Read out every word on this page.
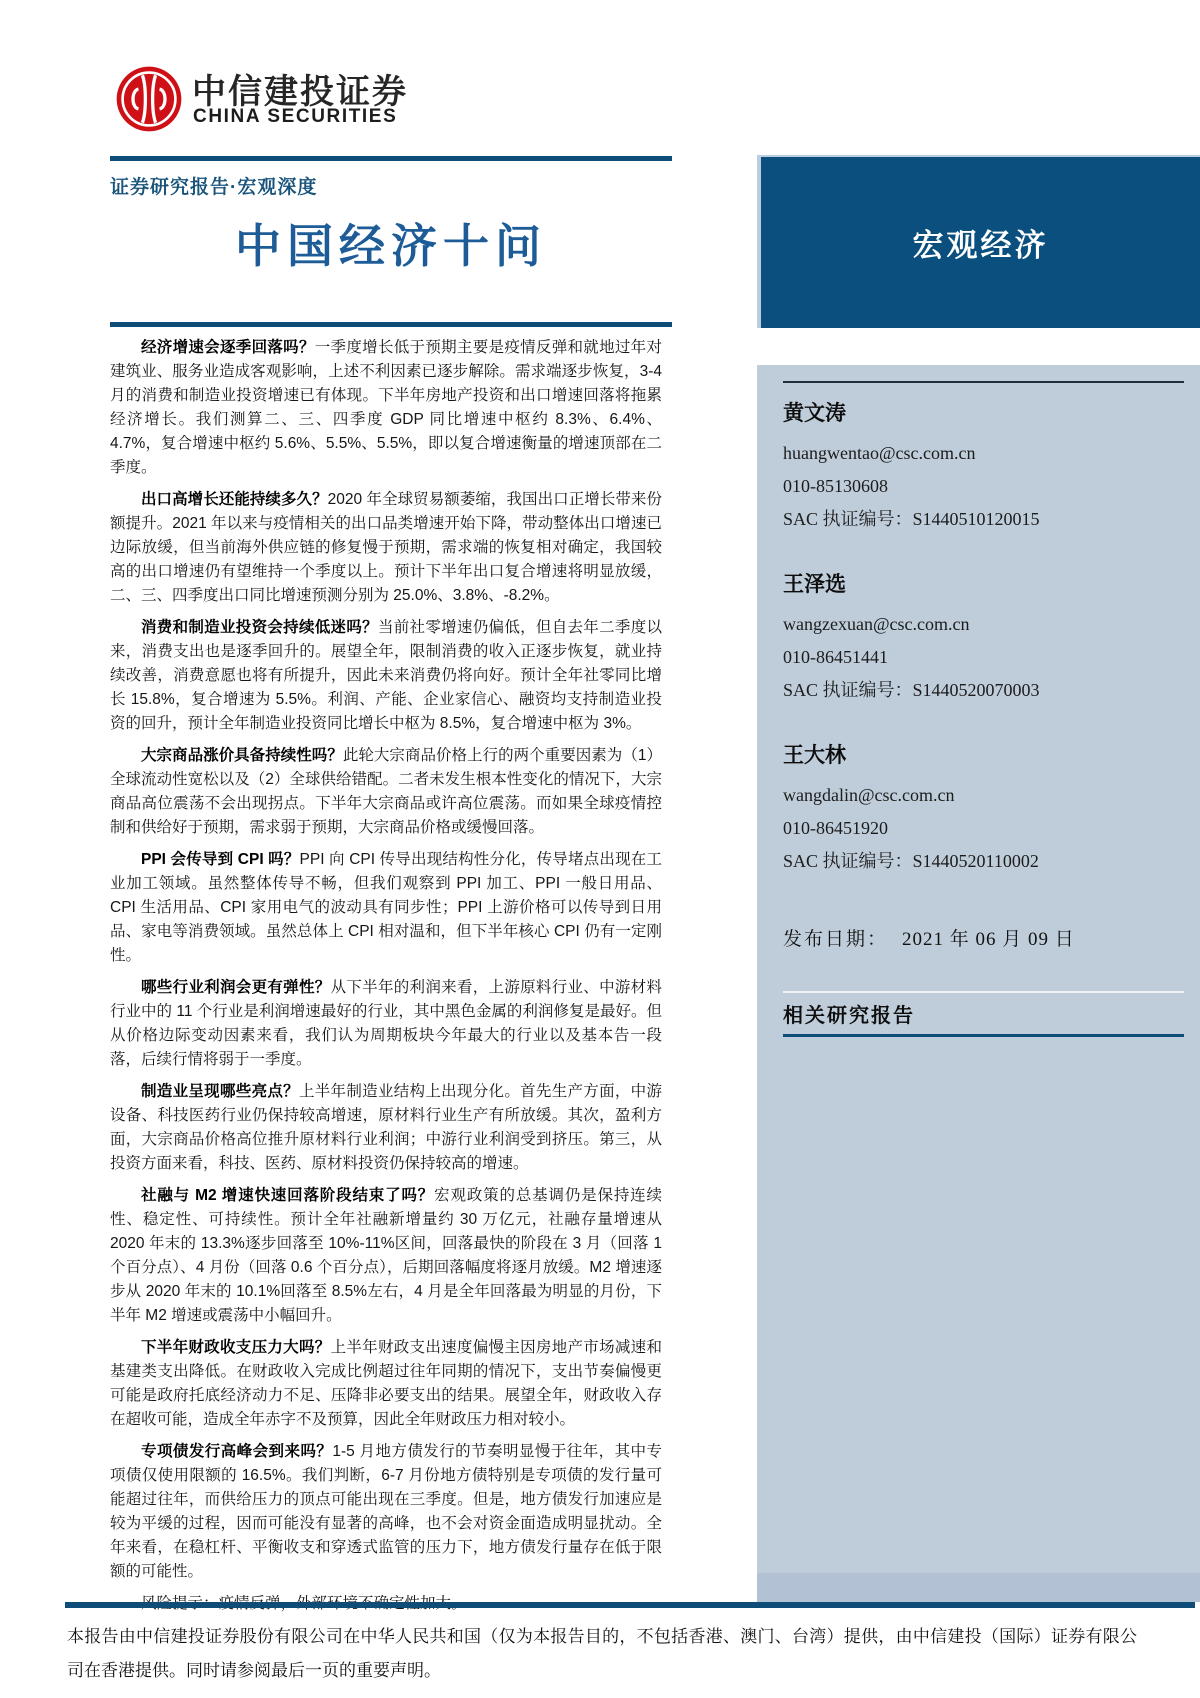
中信建投证券
CHINA SECURITIES
证券研究报告·宏观深度
中国经济十问

经济增速会逐季回落吗？一季度增长低于预期主要是疫情反弹和就地过年对建筑业、服务业造成客观影响，上述不利因素已逐步解除。需求端逐步恢复，3-4 月的消费和制造业投资增速已有体现。下半年房地产投资和出口增速回落将拖累经济增长。我们测算二、三、四季度 GDP 同比增速中枢约 8.3%、6.4%、4.7%，复合增速中枢约 5.6%、5.5%、5.5%，即以复合增速衡量的增速顶部在二季度。

出口高增长还能持续多久？2020 年全球贸易额萎缩，我国出口正增长带来份额提升。2021 年以来与疫情相关的出口品类增速开始下降，带动整体出口增速已边际放缓，但当前海外供应链的修复慢于预期，需求端的恢复相对确定，我国较高的出口增速仍有望维持一个季度以上。预计下半年出口复合增速将明显放缓，二、三、四季度出口同比增速预测分别为 25.0%、3.8%、-8.2%。

消费和制造业投资会持续低迷吗？当前社零增速仍偏低，但自去年二季度以来，消费支出也是逐季回升的。展望全年，限制消费的收入正逐步恢复，就业持续改善，消费意愿也将有所提升，因此未来消费仍将向好。预计全年社零同比增长 15.8%，复合增速为 5.5%。利润、产能、企业家信心、融资均支持制造业投资的回升，预计全年制造业投资同比增长中枢为 8.5%，复合增速中枢为 3%。

大宗商品涨价具备持续性吗？此轮大宗商品价格上行的两个重要因素为（1）全球流动性宽松以及（2）全球供给错配。二者未发生根本性变化的情况下，大宗商品高位震荡不会出现拐点。下半年大宗商品或许高位震荡。而如果全球疫情控制和供给好于预期，需求弱于预期，大宗商品价格或缓慢回落。

PPI 会传导到 CPI 吗？PPI 向 CPI 传导出现结构性分化，传导堵点出现在工业加工领域。虽然整体传导不畅，但我们观察到 PPI 加工、PPI 一般日用品、CPI 生活用品、CPI 家用电气的波动具有同步性；PPI 上游价格可以传导到日用品、家电等消费领域。虽然总体上 CPI 相对温和，但下半年核心 CPI 仍有一定刚性。

哪些行业利润会更有弹性？从下半年的利润来看，上游原料行业、中游材料行业中的 11 个行业是利润增速最好的行业，其中黑色金属的利润修复是最好。但从价格边际变动因素来看，我们认为周期板块今年最大的行业以及基本告一段落，后续行情将弱于一季度。

制造业呈现哪些亮点？上半年制造业结构上出现分化。首先生产方面，中游设备、科技医药行业仍保持较高增速，原材料行业生产有所放缓。其次，盈利方面，大宗商品价格高位推升原材料行业利润；中游行业利润受到挤压。第三，从投资方面来看，科技、医药、原材料投资仍保持较高的增速。

社融与 M2 增速快速回落阶段结束了吗？宏观政策的总基调仍是保持连续性、稳定性、可持续性。预计全年社融新增量约 30 万亿元，社融存量增速从 2020 年末的 13.3%逐步回落至 10%-11%区间，回落最快的阶段在 3 月（回落 1 个百分点）、4 月份（回落 0.6 个百分点），后期回落幅度将逐月放缓。M2 增速逐步从 2020 年末的 10.1%回落至 8.5%左右，4 月是全年回落最为明显的月份，下半年 M2 增速或震荡中小幅回升。

下半年财政收支压力大吗？上半年财政支出速度偏慢主因房地产市场减速和基建类支出降低。在财政收入完成比例超过往年同期的情况下，支出节奏偏慢更可能是政府托底经济动力不足、压降非必要支出的结果。展望全年，财政收入存在超收可能，造成全年赤字不及预算，因此全年财政压力相对较小。

专项债发行高峰会到来吗？1-5 月地方债发行的节奏明显慢于往年，其中专项债仅使用限额的 16.5%。我们判断，6-7 月份地方债特别是专项债的发行量可能超过往年，而供给压力的顶点可能出现在三季度。但是，地方债发行加速应是较为平缓的过程，因而可能没有显著的高峰，也不会对资金面造成明显扰动。全年来看，在稳杠杆、平衡收支和穿透式监管的压力下，地方债发行量存在低于限额的可能性。

宏观经济
黄文涛
huangwentao@csc.com.cn
010-85130608
SAC 执证编号：S1440510120015
王泽选
wangzexuan@csc.com.cn
010-86451441
SAC 执证编号：S1440520070003
王大林
wangdalin@csc.com.cn
010-86451920
SAC 执证编号：S1440520110002
发布日期： 2021 年 06 月 09 日
相关研究报告
本报告由中信建投证券股份有限公司在中华人民共和国（仅为本报告目的，不包括香港、澳门、台湾）提供，由中信建投（国际）证券有限公司在香港提供。同时请参阅最后一页的重要声明。
